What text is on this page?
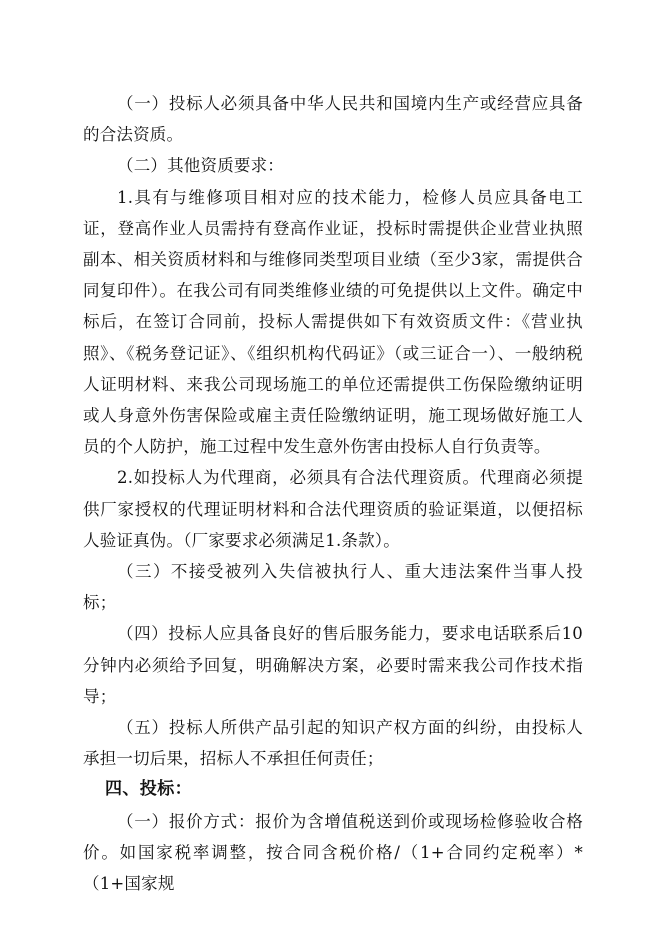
（一）投标人必须具备中华人民共和国境内生产或经营应具备的合法资质。

（二）其他资质要求：

1.具有与维修项目相对应的技术能力，检修人员应具备电工证，登高作业人员需持有登高作业证，投标时需提供企业营业执照副本、相关资质材料和与维修同类型项目业绩（至少3家，需提供合同复印件）。在我公司有同类维修业绩的可免提供以上文件。确定中标后，在签订合同前，投标人需提供如下有效资质文件：《营业执照》、《税务登记证》、《组织机构代码证》（或三证合一）、一般纳税人证明材料、来我公司现场施工的单位还需提供工伤保险缴纳证明或人身意外伤害保险或雇主责任险缴纳证明，施工现场做好施工人员的个人防护，施工过程中发生意外伤害由投标人自行负责等。

2.如投标人为代理商，必须具有合法代理资质。代理商必须提供厂家授权的代理证明材料和合法代理资质的验证渠道，以便招标人验证真伪。（厂家要求必须满足1.条款）。

（三）不接受被列入失信被执行人、重大违法案件当事人投标；

（四）投标人应具备良好的售后服务能力，要求电话联系后10分钟内必须给予回复，明确解决方案，必要时需来我公司作技术指导；

（五）投标人所供产品引起的知识产权方面的纠纷，由投标人承担一切后果，招标人不承担任何责任；

四、投标：

（一）报价方式：报价为含增值税送到价或现场检修验收合格价。如国家税率调整，按合同含税价格/（1+合同约定税率）*（1+国家规
